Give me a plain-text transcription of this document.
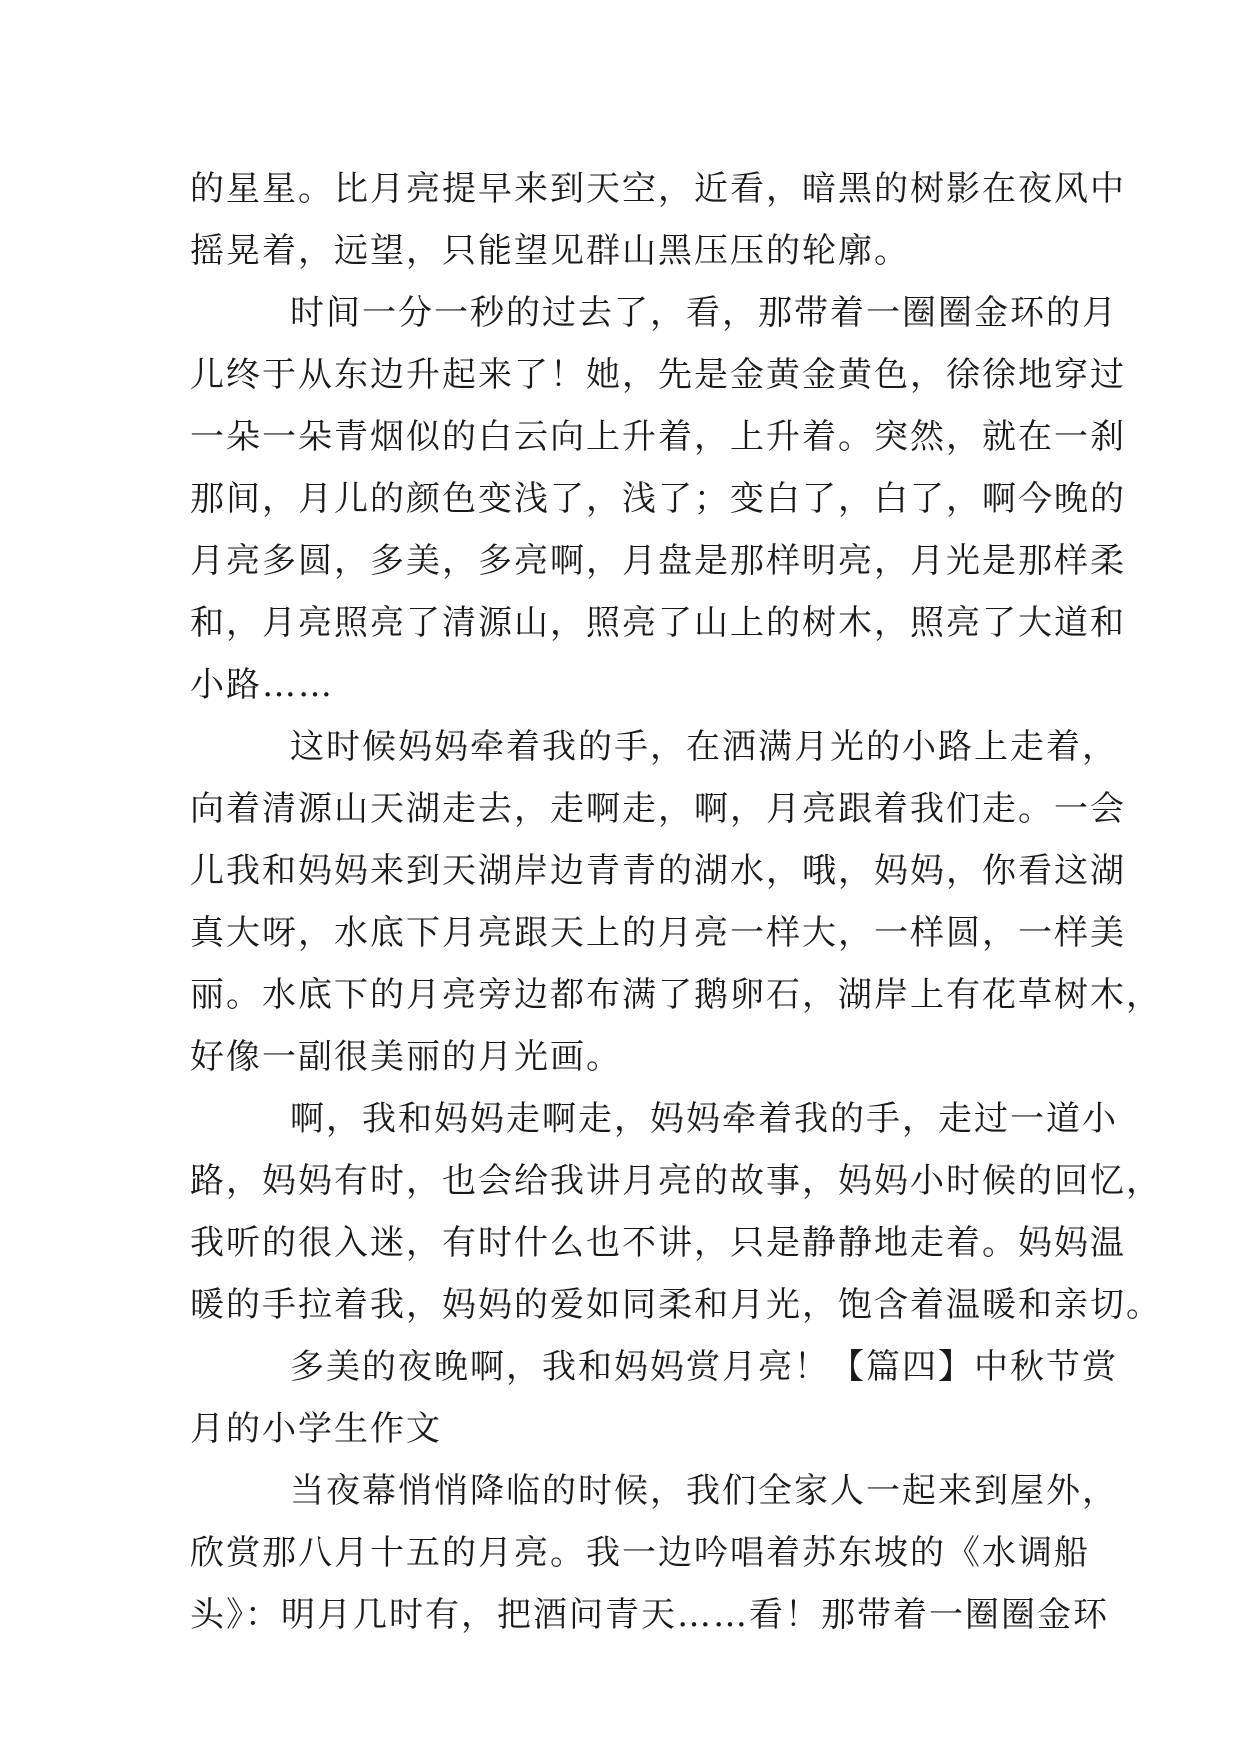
的星星。比月亮提早来到天空，近看，暗黑的树影在夜风中
摇晃着，远望，只能望见群山黑压压的轮廓。
时间一分一秒的过去了，看，那带着一圈圈金环的月
儿终于从东边升起来了！她，先是金黄金黄色，徐徐地穿过
一朵一朵青烟似的白云向上升着，上升着。突然，就在一刹
那间，月儿的颜色变浅了，浅了；变白了，白了，啊今晚的
月亮多圆，多美，多亮啊，月盘是那样明亮，月光是那样柔
和，月亮照亮了清源山，照亮了山上的树木，照亮了大道和
小路……
这时候妈妈牵着我的手，在洒满月光的小路上走着，
向着清源山天湖走去，走啊走，啊，月亮跟着我们走。一会
儿我和妈妈来到天湖岸边青青的湖水，哦，妈妈，你看这湖
真大呀，水底下月亮跟天上的月亮一样大，一样圆，一样美
丽。水底下的月亮旁边都布满了鹅卵石，湖岸上有花草树木，
好像一副很美丽的月光画。
啊，我和妈妈走啊走，妈妈牵着我的手，走过一道小
路，妈妈有时，也会给我讲月亮的故事，妈妈小时候的回忆，
我听的很入迷，有时什么也不讲，只是静静地走着。妈妈温
暖的手拉着我，妈妈的爱如同柔和月光，饱含着温暖和亲切。
多美的夜晚啊，我和妈妈赏月亮！【篇四】中秋节赏
月的小学生作文
当夜幕悄悄降临的时候，我们全家人一起来到屋外，
欣赏那八月十五的月亮。我一边吟唱着苏东坡的《水调船
头》：明月几时有，把酒问青天……看！那带着一圈圈金环
